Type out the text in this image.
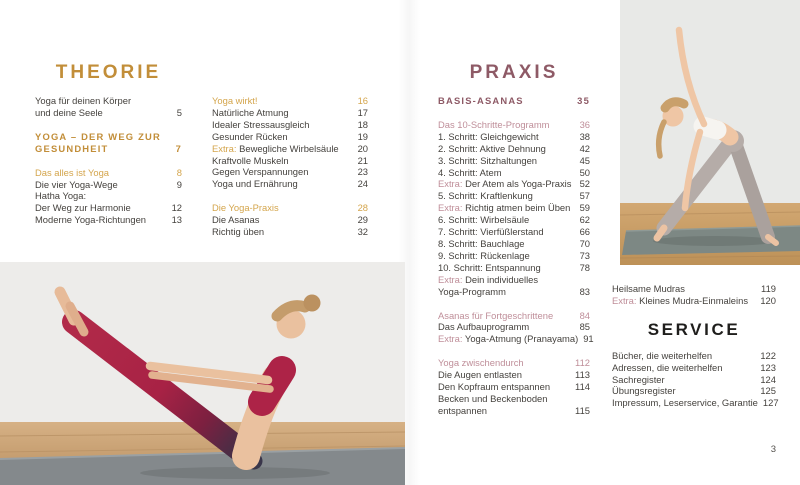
THEORIE	PRAXIS
Yoga für deinen Körper
und deine Seele	5
YOGA – DER WEG ZUR
GESUNDHEIT	7
Das alles ist Yoga	8
Die vier Yoga-Wege	9
Hatha Yoga:
Der Weg zur Harmonie	12
Moderne Yoga-Richtungen	13
Yoga wirkt!	16
Natürliche Atmung	17
Idealer Stressausgleich	18
Gesunder Rücken	19
Extra: Bewegliche Wirbelsäule 20
Kraftvolle Muskeln	21
Gegen Verspannungen	23
Yoga und Ernährung	24
Die Yoga-Praxis	28
Die Asanas	29
Richtig üben	32
BASIS-ASANAS	35
Das 10-Schritte-Programm	36
1. Schritt: Gleichgewicht	38
2. Schritt: Aktive Dehnung	42
3. Schritt: Sitzhaltungen	45
4. Schritt: Atem	50
Extra: Der Atem als Yoga-Praxis 52
5. Schritt: Kraftlenkung	57
Extra: Richtig atmen beim Üben 59
6. Schritt: Wirbelsäule	62
7. Schritt: Vierfüßlerstand	66
8. Schritt: Bauchlage	70
9. Schritt: Rückenlage	73
10. Schritt: Entspannung	78
Extra: Dein individuelles
Yoga-Programm	83
Asanas für Fortgeschrittene	84
Das Aufbauprogramm	85
Extra: Yoga-Atmung (Pranayama) 91
Yoga zwischendurch	112
Die Augen entlasten	113
Den Kopfraum entspannen	114
Becken und Beckenboden
entspannen	115
Heilsame Mudras	119
Extra: Kleines Mudra-Einmaleins 120
SERVICE
Bücher, die weiterhelfen	122
Adressen, die weiterhelfen	123
Sachregister	124
Übungsregister	125
Impressum, Leserservice, Garantie 127
3
